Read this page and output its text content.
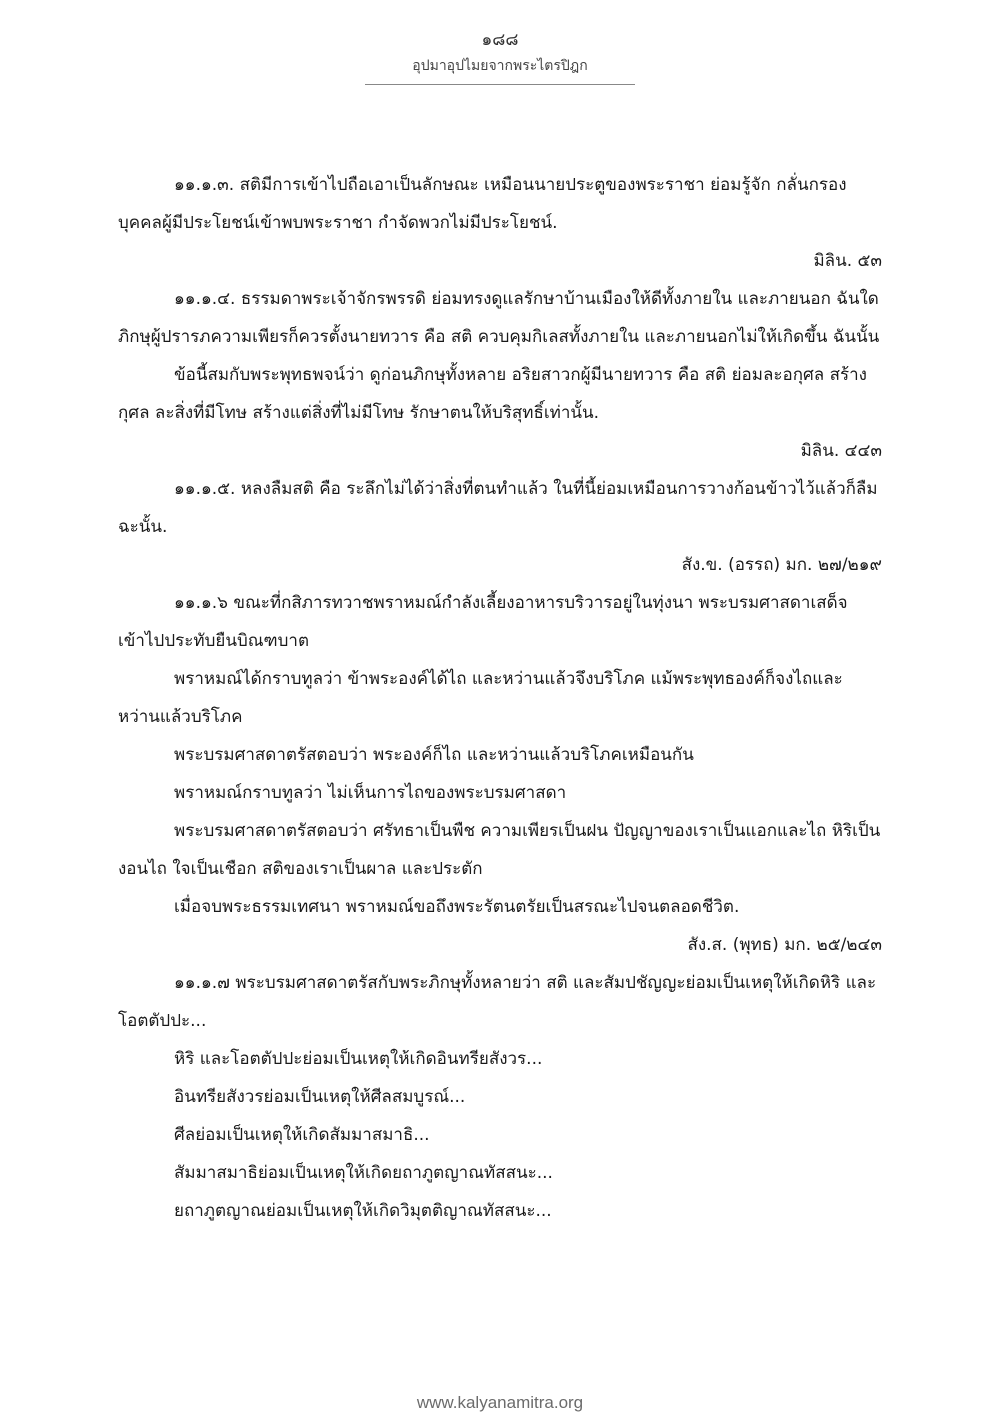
๑๘๘
อุปมาอุปไมยจากพระไตรปิฎก

๑๑.๑.๓. สติมีการเข้าไปถือเอาเป็นลักษณะ เหมือนนายประตูของพระราชา ย่อมรู้จัก กลั่นกรองบุคคลผู้มีประโยชน์เข้าพบพระราชา กำจัดพวกไม่มีประโยชน์.

มิลิน. ๕๓

๑๑.๑.๔. ธรรมดาพระเจ้าจักรพรรดิ ย่อมทรงดูแลรักษาบ้านเมืองให้ดีทั้งภายใน และภายนอก ฉันใด ภิกษุผู้ปรารภความเพียรก็ควรตั้งนายทวาร คือ สติ ควบคุมกิเลสทั้งภายใน และภายนอกไม่ให้เกิดขึ้น ฉันนั้น

ข้อนี้สมกับพระพุทธพจน์ว่า ดูก่อนภิกษุทั้งหลาย อริยสาวกผู้มีนายทวาร คือ สติ ย่อมละอกุศล สร้างกุศล ละสิ่งที่มีโทษ สร้างแต่สิ่งที่ไม่มีโทษ รักษาตนให้บริสุทธิ์เท่านั้น.

มิลิน. ๔๔๓

๑๑.๑.๕. หลงลืมสติ คือ ระลึกไม่ได้ว่าสิ่งที่ตนทำแล้ว ในที่นี้ย่อมเหมือนการวางก้อนข้าวไว้แล้วก็ลืม ฉะนั้น.

สัง.ข. (อรรถ) มก. ๒๗/๒๑๙

๑๑.๑.๖ ขณะที่กสิภารทวาชพราหมณ์กำลังเลี้ยงอาหารบริวารอยู่ในทุ่งนา พระบรมศาสดาเสด็จเข้าไปประทับยืนบิณฑบาต

พราหมณ์ได้กราบทูลว่า ข้าพระองค์ได้ไถ และหว่านแล้วจึงบริโภค แม้พระพุทธองค์ก็จงไถและหว่านแล้วบริโภค

พระบรมศาสดาตรัสตอบว่า พระองค์ก็ไถ และหว่านแล้วบริโภคเหมือนกัน

พราหมณ์กราบทูลว่า ไม่เห็นการไถของพระบรมศาสดา

พระบรมศาสดาตรัสตอบว่า ศรัทธาเป็นพืช ความเพียรเป็นฝน ปัญญาของเราเป็นแอกและไถ หิริเป็นงอนไถ ใจเป็นเชือก สติของเราเป็นผาล และประตัก

เมื่อจบพระธรรมเทศนา พราหมณ์ขอถึงพระรัตนตรัยเป็นสรณะไปจนตลอดชีวิต.

สัง.ส. (พุทธ) มก. ๒๕/๒๔๓

๑๑.๑.๗ พระบรมศาสดาตรัสกับพระภิกษุทั้งหลายว่า สติ และสัมปชัญญะย่อมเป็นเหตุให้เกิดหิริ และโอตตัปปะ...

หิริ และโอตตัปปะย่อมเป็นเหตุให้เกิดอินทรียสังวร...

อินทรียสังวรย่อมเป็นเหตุให้ศีลสมบูรณ์...

ศีลย่อมเป็นเหตุให้เกิดสัมมาสมาธิ...

สัมมาสมาธิย่อมเป็นเหตุให้เกิดยถาภูตญาณทัสสนะ...

ยถาภูตญาณย่อมเป็นเหตุให้เกิดวิมุตติญาณทัสสนะ...

www.kalyanamitra.org
